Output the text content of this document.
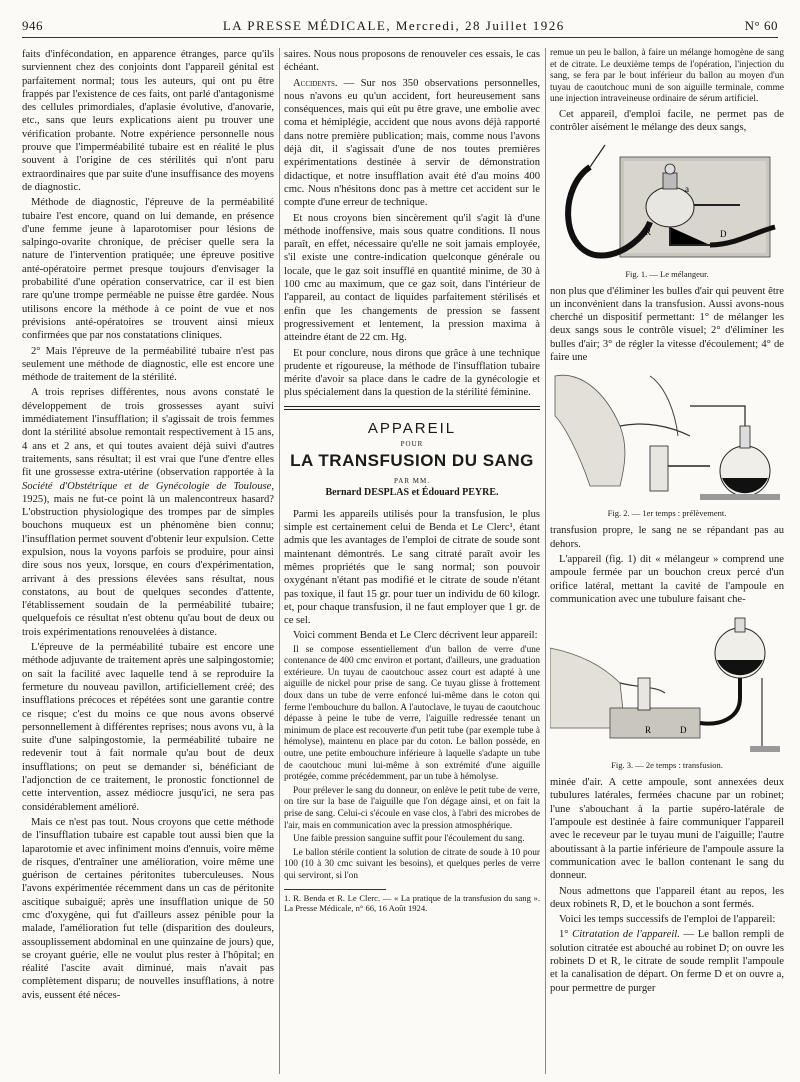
946	LA PRESSE MÉDICALE, Mercredi, 28 Juillet 1926	N° 60

faits d'infécondation, en apparence étranges, parce qu'ils surviennent chez des conjoints dont l'appareil génital est parfaitement normal; tous les auteurs, qui ont pu être frappés par l'existence de ces faits, ont parlé d'antagonisme des cellules primordiales, d'aplasie évolutive, d'anovarie, etc., sans que leurs explications aient pu trouver une vérification probante. Notre expérience personnelle nous prouve que l'imperméabilité tubaire est en réalité le plus souvent à l'origine de ces stérilités qui n'ont paru extraordinaires que par suite d'une insuffisance des moyens de diagnostic.

Méthode de diagnostic, l'épreuve de la perméabilité tubaire l'est encore, quand on lui demande, en présence d'une femme jeune à laparotomiser pour lésions de salpingo-ovarite chronique, de préciser quelle sera la nature de l'intervention pratiquée; une épreuve positive anté-opératoire permet presque toujours d'envisager la probabilité d'une opération conservatrice, car il est bien rare qu'une trompe perméable ne puisse être gardée. Nous utilisons encore la méthode à ce point de vue et nos prévisions anté-opératoires se trouvent ainsi mieux confirmées que par nos constatations cliniques.

2° Mais l'épreuve de la perméabilité tubaire n'est pas seulement une méthode de diagnostic, elle est encore une méthode de traitement de la stérilité.

A trois reprises différentes, nous avons constaté le développement de trois grossesses ayant suivi immédiatement l'insufflation; il s'agissait de trois femmes dont la stérilité absolue remontait respectivement à 15 ans, 4 ans et 2 ans, et qui toutes avaient déjà suivi d'autres traitements, sans résultat; il est vrai que l'une d'entre elles fit une grossesse extra-utérine (observation rapportée à la Société d'Obstétrique et de Gynécologie de Toulouse, 1925), mais ne fut-ce point là un malencontreux hasard? L'obstruction physiologique des trompes par de simples bouchons muqueux est un phénomène bien connu; l'insufflation permet souvent d'obtenir leur expulsion. Cette expulsion, nous la voyons parfois se produire, pour ainsi dire sous nos yeux, lorsque, en cours d'expérimentation, arrivant à des pressions élevées sans résultat, nous constatons, au bout de quelques secondes d'attente, l'établissement soudain de la perméabilité tubaire; quelquefois ce résultat n'est obtenu qu'au bout de deux ou trois expérimentations renouvelées à distance.

L'épreuve de la perméabilité tubaire est encore une méthode adjuvante de traitement après une salpingostomie; on sait la facilité avec laquelle tend à se reproduire la fermeture du nouveau pavillon, artificiellement créé; des insufflations précoces et répétées sont une garantie contre ce risque; c'est du moins ce que nous avons observé personnellement à différentes reprises; nous avons vu, à la suite d'une salpingostomie, la perméabilité tubaire ne redevenir tout à fait normale qu'au bout de deux insufflations; on peut se demander si, bénéficiant de l'adjonction de ce traitement, le pronostic fonctionnel de cette intervention, assez médiocre jusqu'ici, ne sera pas considérablement amélioré.

Mais ce n'est pas tout. Nous croyons que cette méthode de l'insufflation tubaire est capable tout aussi bien que la laparotomie et avec infiniment moins d'ennuis, voire même de risques, d'entraîner une amélioration, voire même une guérison de certaines péritonites tuberculeuses. Nous l'avons expérimentée récemment dans un cas de péritonite ascitique subaiguë; après une insufflation unique de 50 cmc d'oxygène, qui fut d'ailleurs assez pénible pour la malade, l'amélioration fut telle (disparition des douleurs, assouplissement abdominal en une quinzaine de jours) que, se croyant guérie, elle ne voulut plus rester à l'hôpital; en réalité l'ascite avait diminué, mais n'avait pas complètement disparu; de nouvelles insufflations, à notre avis, eussent été néces-

saires. Nous nous proposons de renouveler ces essais, le cas échéant.

Accidents. — Sur nos 350 observations personnelles, nous n'avons eu qu'un accident, fort heureusement sans conséquences, mais qui eût pu être grave, une embolie avec coma et hémiplégie, accident que nous avons déjà rapporté dans notre première publication; mais, comme nous l'avons déjà dit, il s'agissait d'une de nos toutes premières expérimentations destinée à servir de démonstration didactique, et notre insufflation avait été d'au moins 400 cmc. Nous n'hésitons donc pas à mettre cet accident sur le compte d'une erreur de technique.

Et nous croyons bien sincèrement qu'il s'agit là d'une méthode inoffensive, mais sous quatre conditions. Il nous paraît, en effet, nécessaire qu'elle ne soit jamais employée, s'il existe une contre-indication quelconque générale ou locale, que le gaz soit insufflé en quantité minime, de 30 à 100 cmc au maximum, que ce gaz soit, dans l'intérieur de l'appareil, au contact de liquides parfaitement stérilisés et enfin que les changements de pression se fassent progressivement et lentement, la pression maxima à atteindre étant de 22 cm. Hg.

Et pour conclure, nous dirons que grâce à une technique prudente et rigoureuse, la méthode de l'insufflation tubaire mérite d'avoir sa place dans le cadre de la gynécologie et plus spécialement dans la question de la stérilité féminine.

APPAREIL
POUR
LA TRANSFUSION DU SANG
PAR MM.
Bernard DESPLAS et Édouard PEYRE.

Parmi les appareils utilisés pour la transfusion, le plus simple est certainement celui de Benda et Le Clerc¹, étant admis que les avantages de l'emploi de citrate de soude sont maintenant démontrés. Le sang citraté paraît avoir les mêmes propriétés que le sang normal; son pouvoir oxygénant n'étant pas modifié et le citrate de soude n'étant pas toxique, il faut 15 gr. pour tuer un individu de 60 kilogr. et, pour chaque transfusion, il ne faut employer que 1 gr. de ce sel.

Voici comment Benda et Le Clerc décrivent leur appareil:

Il se compose essentiellement d'un ballon de verre d'une contenance de 400 cmc environ et portant, d'ailleurs, une graduation extérieure. Un tuyau de caoutchouc assez court est adapté à une aiguille de nickel pour prise de sang. Ce tuyau glisse à frottement doux dans un tube de verre enfoncé lui-même dans le coton qui ferme l'embouchure du ballon. A l'autoclave, le tuyau de caoutchouc dépasse à peine le tube de verre, l'aiguille redressée tenant un minimum de place est recouverte d'un petit tube (par exemple tube à hémolyse), maintenu en place par du coton. Le ballon possède, en outre, une petite embouchure inférieure à laquelle s'adapte un tube de caoutchouc muni lui-même à son extrémité d'une aiguille protégée, comme précédemment, par un tube à hémolyse.

Pour prélever le sang du donneur, on enlève le petit tube de verre, on tire sur la base de l'aiguille que l'on dégage ainsi, et on fait la prise de sang. Celui-ci s'écoule en vase clos, à l'abri des microbes de l'air, mais en communication avec la pression atmosphérique.

Une faible pression sanguine suffit pour l'écoulement du sang.

Le ballon stérile contient la solution de citrate de soude à 10 pour 100 (10 à 30 cmc suivant les besoins), et quelques perles de verre qui serviront, si l'on

1. R. Benda et R. Le Clerc. — « La pratique de la transfusion du sang ». La Presse Médicale, n° 66, 16 Août 1924.

remue un peu le ballon, à faire un mélange homogène de sang et de citrate. Le deuxième temps de l'opération, l'injection du sang, se fera par le bout inférieur du ballon au moyen d'un tuyau de caoutchouc muni de son aiguille terminale, comme une injection intraveineuse ordinaire de sérum artificiel.

Cet appareil, d'emploi facile, ne permet pas de contrôler aisément le mélange des deux sangs,

a
R	D
Fig. 1. — Le mélangeur.

non plus que d'éliminer les bulles d'air qui peuvent être un inconvénient dans la transfusion. Aussi avons-nous cherché un dispositif permettant: 1° de mélanger les deux sangs sous le contrôle visuel; 2° d'éliminer les bulles d'air; 3° de régler la vitesse d'écoulement; 4° de faire une

Fig. 2. — 1er temps : prélèvement.

transfusion propre, le sang ne se répandant pas au dehors.

L'appareil (fig. 1) dit « mélangeur » comprend une ampoule fermée par un bouchon creux percé d'un orifice latéral, mettant la cavité de l'ampoule en communication avec une tubulure faisant che-

R	D
Fig. 3. — 2e temps : transfusion.

minée d'air. A cette ampoule, sont annexées deux tubulures latérales, fermées chacune par un robinet; l'une s'abouchant à la partie supéro-latérale de l'ampoule est destinée à faire communiquer l'appareil avec le receveur par le tuyau muni de l'aiguille; l'autre aboutissant à la partie inférieure de l'ampoule assure la communication avec le ballon contenant le sang du donneur.

Nous admettons que l'appareil étant au repos, les deux robinets R, D, et le bouchon a sont fermés.

Voici les temps successifs de l'emploi de l'appareil:

1° Citratation de l'appareil. — Le ballon rempli de solution citratée est abouché au robinet D; on ouvre les robinets D et R, le citrate de soude remplit l'ampoule et la canalisation de départ. On ferme D et on ouvre a, pour permettre de purger
